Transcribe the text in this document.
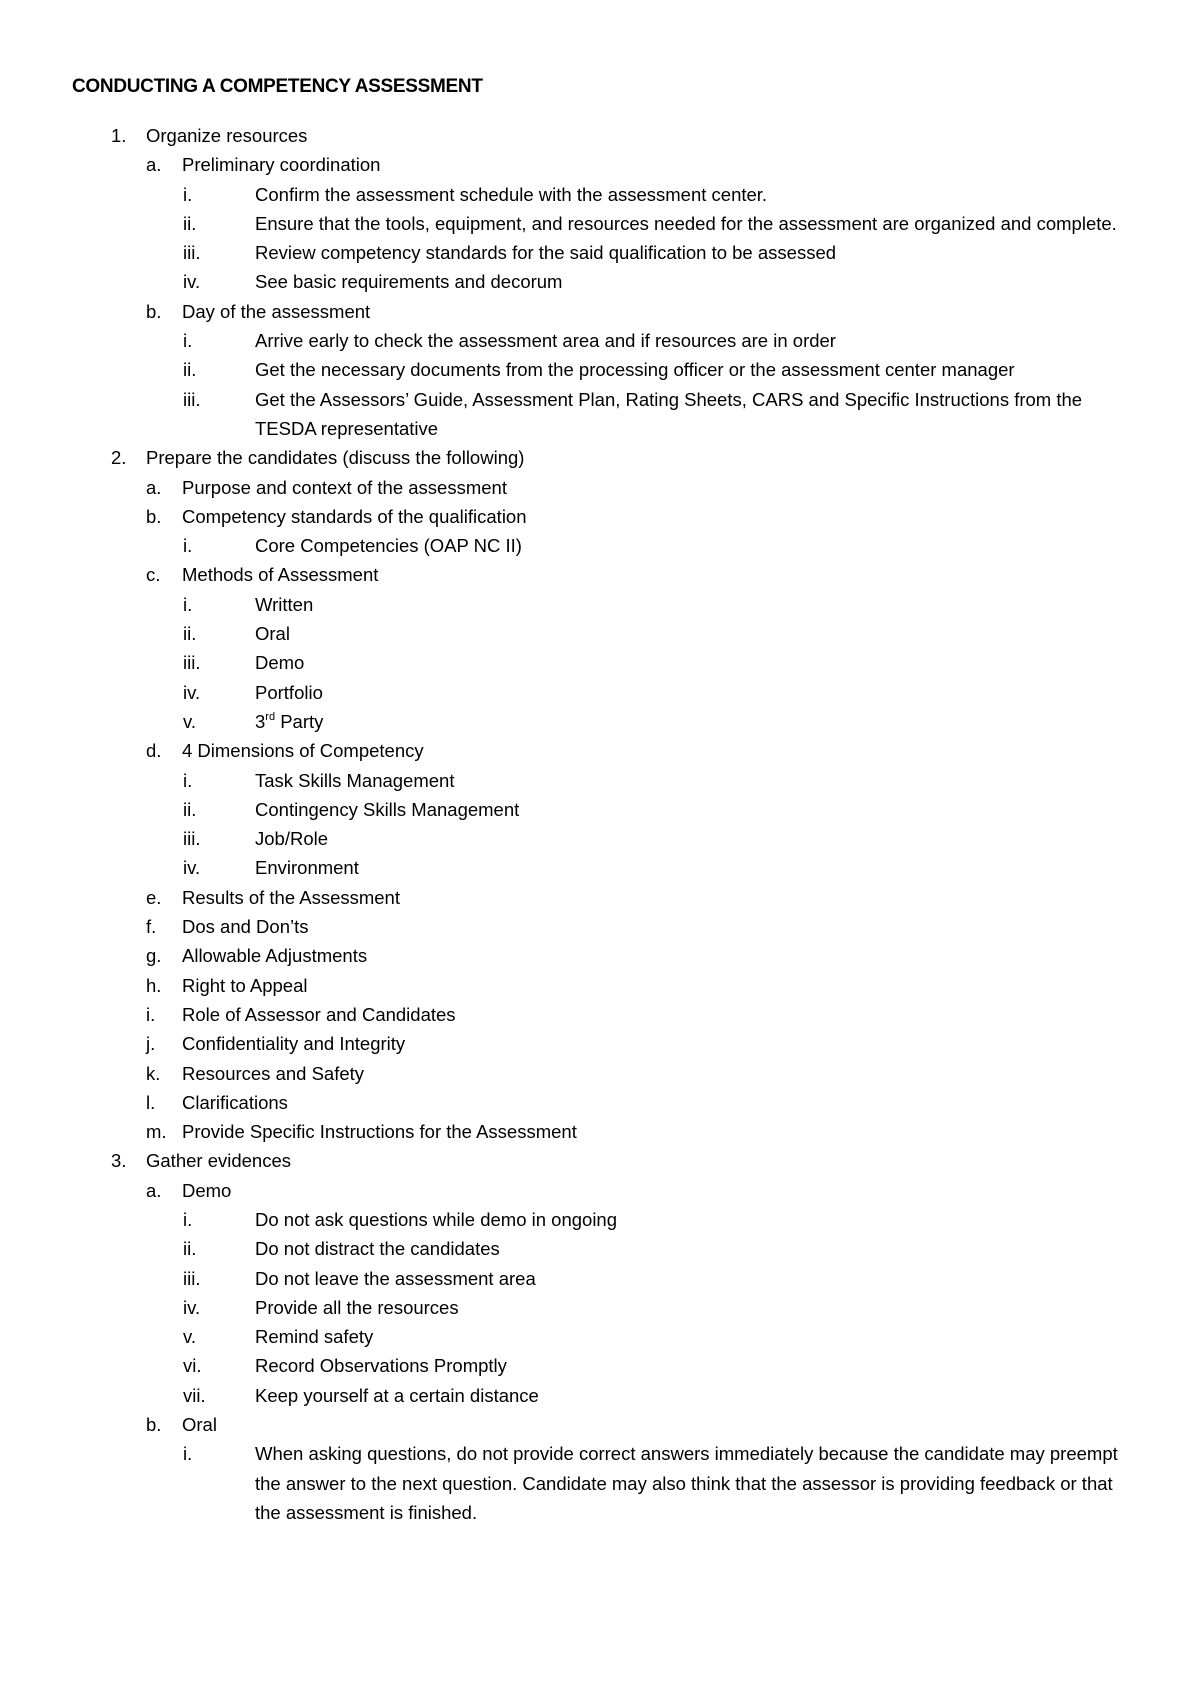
CONDUCTING A COMPETENCY ASSESSMENT
1. Organize resources
a. Preliminary coordination
i.	Confirm the assessment schedule with the assessment center.
ii.	Ensure that the tools, equipment, and resources needed for the assessment are organized and complete.
iii.	Review competency standards for the said qualification to be assessed
iv.	See basic requirements and decorum
b. Day of the assessment
i.	Arrive early to check the assessment area and if resources are in order
ii.	Get the necessary documents from the processing officer or the assessment center manager
iii.	Get the Assessors’ Guide, Assessment Plan, Rating Sheets, CARS and Specific Instructions from the TESDA representative
2. Prepare the candidates (discuss the following)
a. Purpose and context of the assessment
b. Competency standards of the qualification
i.	Core Competencies (OAP NC II)
c. Methods of Assessment
i.	Written
ii.	Oral
iii.	Demo
iv.	Portfolio
v.	3rd Party
d. 4 Dimensions of Competency
i.	Task Skills Management
ii.	Contingency Skills Management
iii.	Job/Role
iv.	Environment
e. Results of the Assessment
f. Dos and Don’ts
g. Allowable Adjustments
h. Right to Appeal
i. Role of Assessor and Candidates
j. Confidentiality and Integrity
k. Resources and Safety
l. Clarifications
m. Provide Specific Instructions for the Assessment
3. Gather evidences
a. Demo
i.	Do not ask questions while demo in ongoing
ii.	Do not distract the candidates
iii.	Do not leave the assessment area
iv.	Provide all the resources
v.	Remind safety
vi.	Record Observations Promptly
vii.	Keep yourself at a certain distance
b. Oral
i.	When asking questions, do not provide correct answers immediately because the candidate may preempt the answer to the next question. Candidate may also think that the assessor is providing feedback or that the assessment is finished.
